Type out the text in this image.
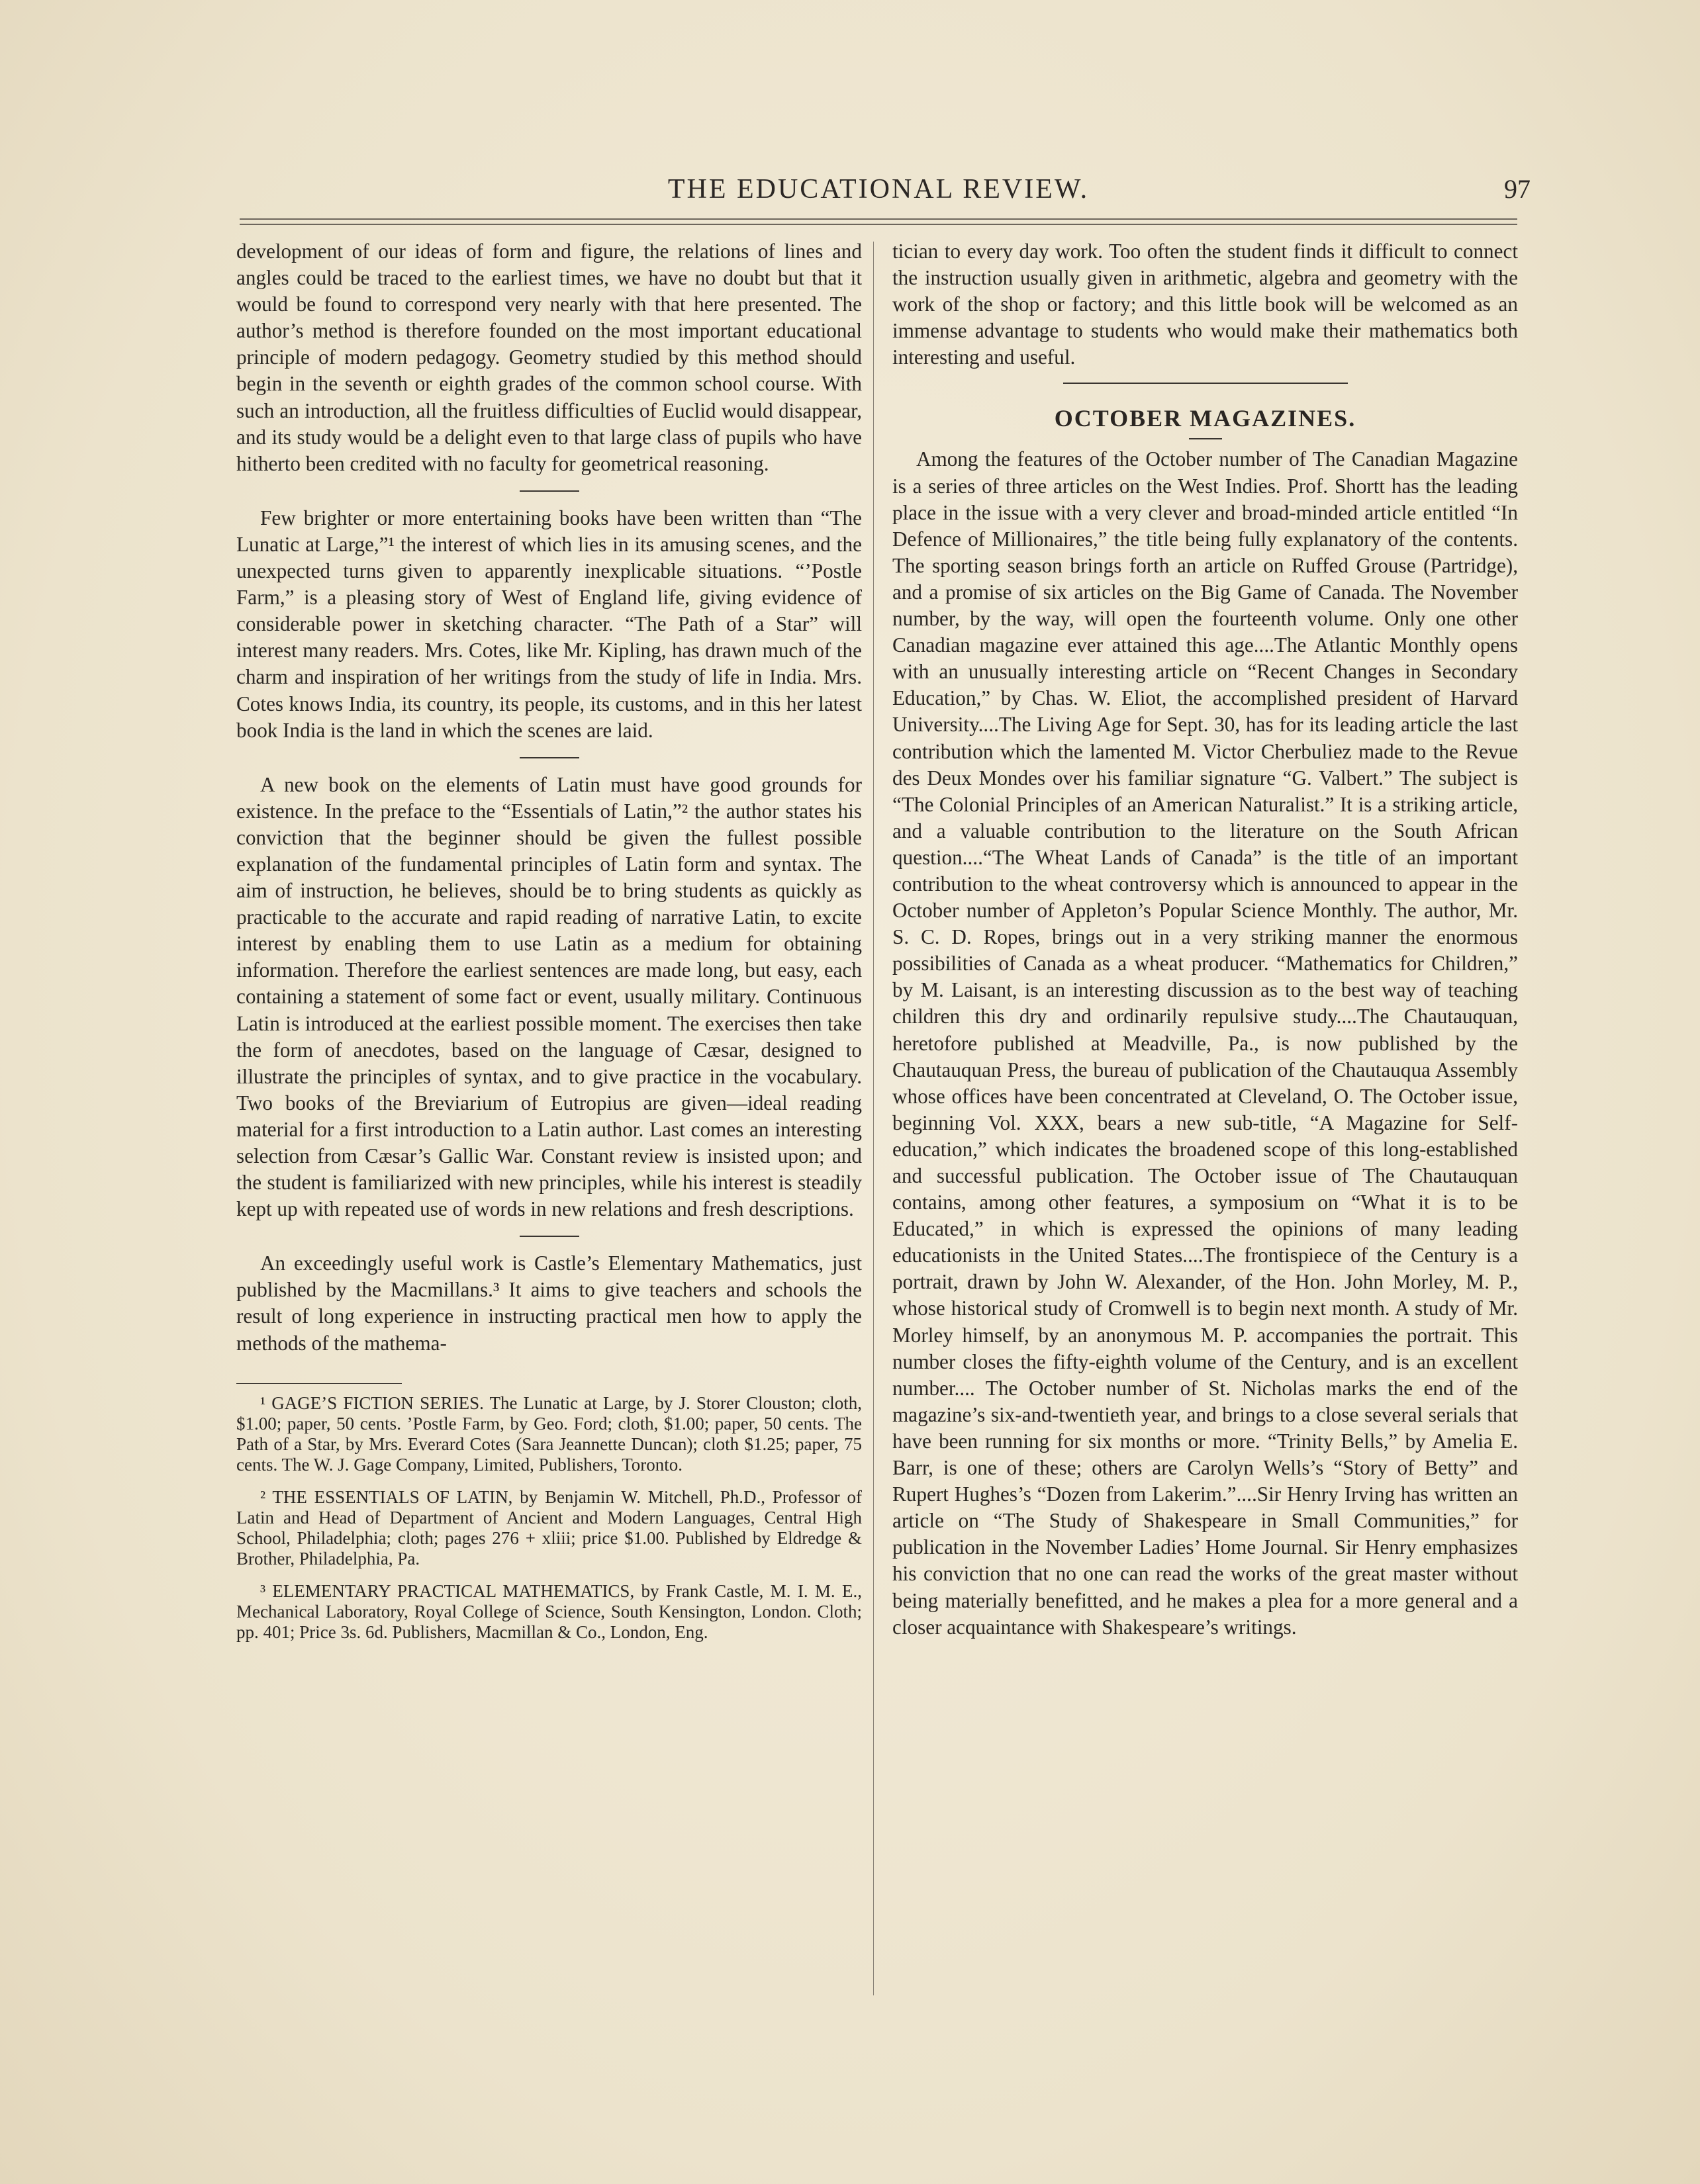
THE EDUCATIONAL REVIEW.	97

development of our ideas of form and figure, the relations of lines and angles could be traced to the earliest times, we have no doubt but that it would be found to correspond very nearly with that here presented. The author’s method is therefore founded on the most important educational principle of modern pedagogy. Geometry studied by this method should begin in the seventh or eighth grades of the common school course. With such an introduction, all the fruitless difficulties of Euclid would disappear, and its study would be a delight even to that large class of pupils who have hitherto been credited with no faculty for geometrical reasoning.

Few brighter or more entertaining books have been written than “The Lunatic at Large,”¹ the interest of which lies in its amusing scenes, and the unexpected turns given to apparently inexplicable situations. “’Postle Farm,” is a pleasing story of West of England life, giving evidence of considerable power in sketching character. “The Path of a Star” will interest many readers. Mrs. Cotes, like Mr. Kipling, has drawn much of the charm and inspiration of her writings from the study of life in India. Mrs. Cotes knows India, its country, its people, its customs, and in this her latest book India is the land in which the scenes are laid.

A new book on the elements of Latin must have good grounds for existence. In the preface to the “Essentials of Latin,”² the author states his conviction that the beginner should be given the fullest possible explanation of the fundamental principles of Latin form and syntax. The aim of instruction, he believes, should be to bring students as quickly as practicable to the accurate and rapid reading of narrative Latin, to excite interest by enabling them to use Latin as a medium for obtaining information. Therefore the earliest sentences are made long, but easy, each containing a statement of some fact or event, usually military. Continuous Latin is introduced at the earliest possible moment. The exercises then take the form of anecdotes, based on the language of Cæsar, designed to illustrate the principles of syntax, and to give practice in the vocabulary. Two books of the Breviarium of Eutropius are given—ideal reading material for a first introduction to a Latin author. Last comes an interesting selection from Cæsar’s Gallic War. Constant review is insisted upon; and the student is familiarized with new principles, while his interest is steadily kept up with repeated use of words in new relations and fresh descriptions.

An exceedingly useful work is Castle’s Elementary Mathematics, just published by the Macmillans.³ It aims to give teachers and schools the result of long experience in instructing practical men how to apply the methods of the mathema-

¹ GAGE’S FICTION SERIES. The Lunatic at Large, by J. Storer Clouston; cloth, $1.00; paper, 50 cents. ’Postle Farm, by Geo. Ford; cloth, $1.00; paper, 50 cents. The Path of a Star, by Mrs. Everard Cotes (Sara Jeannette Duncan); cloth $1.25; paper, 75 cents. The W. J. Gage Company, Limited, Publishers, Toronto.

² THE ESSENTIALS OF LATIN, by Benjamin W. Mitchell, Ph.D., Professor of Latin and Head of Department of Ancient and Modern Languages, Central High School, Philadelphia; cloth; pages 276 + xliii; price $1.00. Published by Eldredge & Brother, Philadelphia, Pa.

³ ELEMENTARY PRACTICAL MATHEMATICS, by Frank Castle, M. I. M. E., Mechanical Laboratory, Royal College of Science, South Kensington, London. Cloth; pp. 401; Price 3s. 6d. Publishers, Macmillan & Co., London, Eng.

tician to every day work. Too often the student finds it difficult to connect the instruction usually given in arithmetic, algebra and geometry with the work of the shop or factory; and this little book will be welcomed as an immense advantage to students who would make their mathematics both interesting and useful.

OCTOBER MAGAZINES.

Among the features of the October number of The Canadian Magazine is a series of three articles on the West Indies. Prof. Shortt has the leading place in the issue with a very clever and broad-minded article entitled “In Defence of Millionaires,” the title being fully explanatory of the contents. The sporting season brings forth an article on Ruffed Grouse (Partridge), and a promise of six articles on the Big Game of Canada. The November number, by the way, will open the fourteenth volume. Only one other Canadian magazine ever attained this age....The Atlantic Monthly opens with an unusually interesting article on “Recent Changes in Secondary Education,” by Chas. W. Eliot, the accomplished president of Harvard University....The Living Age for Sept. 30, has for its leading article the last contribution which the lamented M. Victor Cherbuliez made to the Revue des Deux Mondes over his familiar signature “G. Valbert.” The subject is “The Colonial Principles of an American Naturalist.” It is a striking article, and a valuable contribution to the literature on the South African question....“The Wheat Lands of Canada” is the title of an important contribution to the wheat controversy which is announced to appear in the October number of Appleton’s Popular Science Monthly. The author, Mr. S. C. D. Ropes, brings out in a very striking manner the enormous possibilities of Canada as a wheat producer. “Mathematics for Children,” by M. Laisant, is an interesting discussion as to the best way of teaching children this dry and ordinarily repulsive study....The Chautauquan, heretofore published at Meadville, Pa., is now published by the Chautauquan Press, the bureau of publication of the Chautauqua Assembly whose offices have been concentrated at Cleveland, O. The October issue, beginning Vol. XXX, bears a new sub-title, “A Magazine for Self-education,” which indicates the broadened scope of this long-established and successful publication. The October issue of The Chautauquan contains, among other features, a symposium on “What it is to be Educated,” in which is expressed the opinions of many leading educationists in the United States....The frontispiece of the Century is a portrait, drawn by John W. Alexander, of the Hon. John Morley, M. P., whose historical study of Cromwell is to begin next month. A study of Mr. Morley himself, by an anonymous M. P. accompanies the portrait. This number closes the fifty-eighth volume of the Century, and is an excellent number.... The October number of St. Nicholas marks the end of the magazine’s six-and-twentieth year, and brings to a close several serials that have been running for six months or more. “Trinity Bells,” by Amelia E. Barr, is one of these; others are Carolyn Wells’s “Story of Betty” and Rupert Hughes’s “Dozen from Lakerim.”....Sir Henry Irving has written an article on “The Study of Shakespeare in Small Communities,” for publication in the November Ladies’ Home Journal. Sir Henry emphasizes his conviction that no one can read the works of the great master without being materially benefitted, and he makes a plea for a more general and a closer acquaintance with Shakespeare’s writings.
